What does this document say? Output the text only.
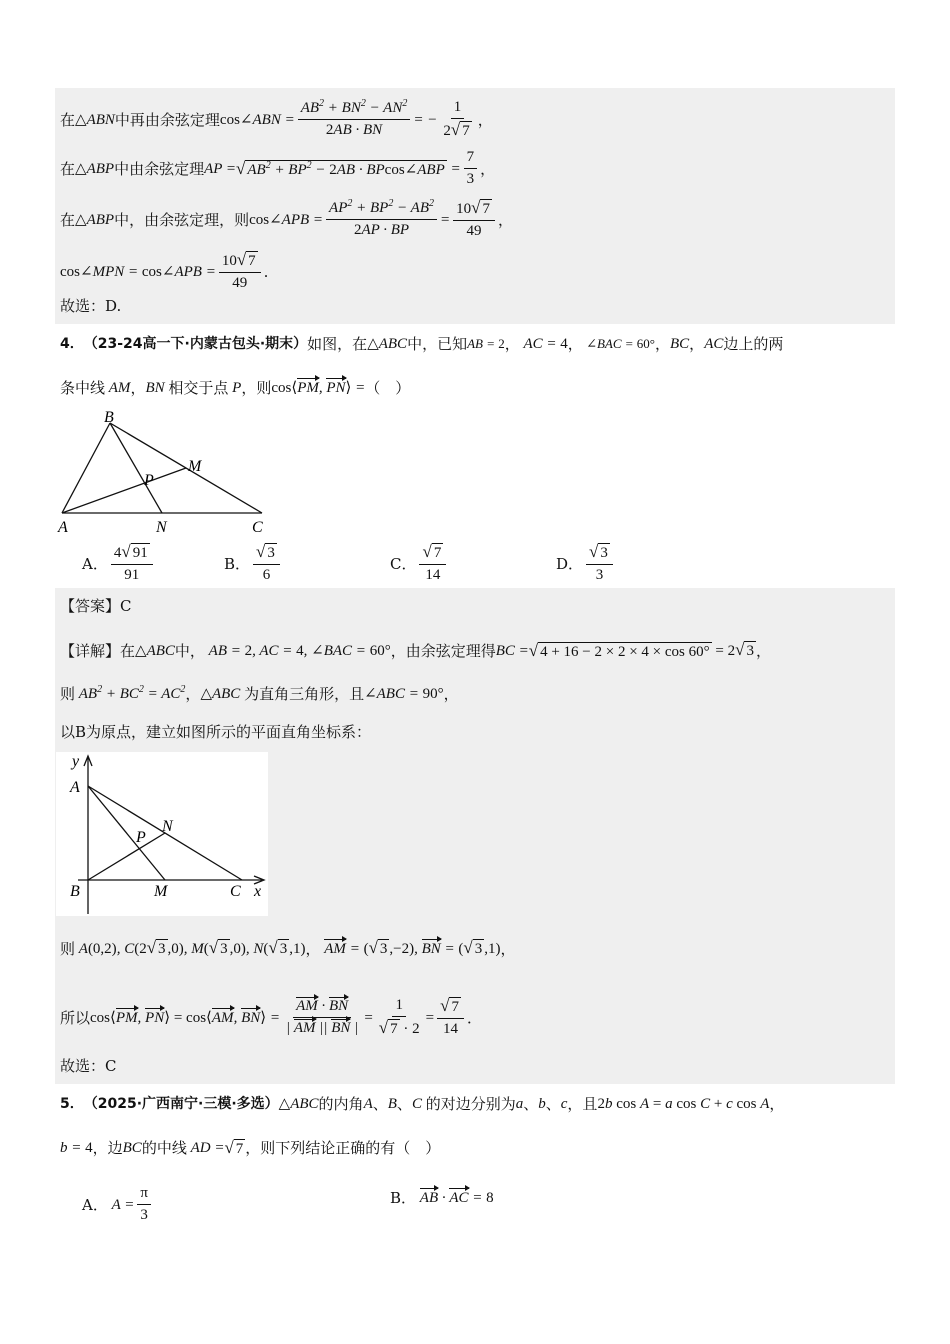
在 △ABN 中再由余弦定理 cos∠ABN = $\frac{AB^2 + BN^2 - AN^2}{2AB \cdot BN}$ = − $\frac{1}{2 √ 7}$ ，
在 △ABP 中由余弦定理 AP = √ $AB^2 + BP^2 - 2AB$ · BPcos∠ABP = $\frac{7}{3}$ ，
在 △ABP 中，由余弦定理，则 cos∠APB = $\frac{AP^2 + BP^2 - AB^2}{2AP \cdot BP} = \frac{10 √ 7}{49}$ ，
cos∠MPN = cos∠APB = $\frac{10 √ 7}{49}$ .
故选：D.
4． （23-24高一下·内蒙古包头·期末） 如图，在 △ABC 中，已知 AB = 2 ， AC = 4 ， ∠BAC = 60° ， BC ， AC 边上的两
条中线 AM ， BN 相交于点 P ，则 cos⟨PM, PN⟩ = （　）
B
M
P
A	N	C
A． $\frac{4 √ 91}{91}$	B． $\frac{√ 3}{6}$	C． $\frac{√ 7}{14}$	D． $\frac{√ 3}{3}$
【答案】 C
【详解】 在 △ABC 中， AB = 2, AC = 4, ∠BAC = 60° ，由余弦定理得 BC = √ 4 + 16 − 2 × 2 × 4 × cos 60° = 2 √ 3 ，
则 $AB^2 + BC^2 = AC^2$ ， △ABC 为直角三角形，且 ∠ABC = 90° ，
以B为原点，建立如图所示的平面直角坐标系：
y
A
N
P
B	M	C x
则 A(0,2), C(2 √ 3 ,0), M( √ 3 ,0), N( √ 3 ,1) ， AM = ( √ 3 ,−2), BN = ( √ 3 ,1) ，
所以 cos⟨PM, PN⟩ = cos⟨AM, BN⟩ = $\frac{AM \cdot BN}{| AM || BN |} = \frac{1}{√ 7 \cdot 2} = \frac{√ 7}{14}$ ．
故选：C
5． （2025·广西南宁·三模·多选） △ABC 的内角 A 、 B 、 C 的对边分别为 a 、 b 、 c ，且 2b cos A = a cos C + c cos A ，
b = 4 ，边 BC 的中线 AD = √ 7 ，则下列结论正确的有（　）
A． $A = \frac{\pi}{3}$	B． AB · AC = 8
